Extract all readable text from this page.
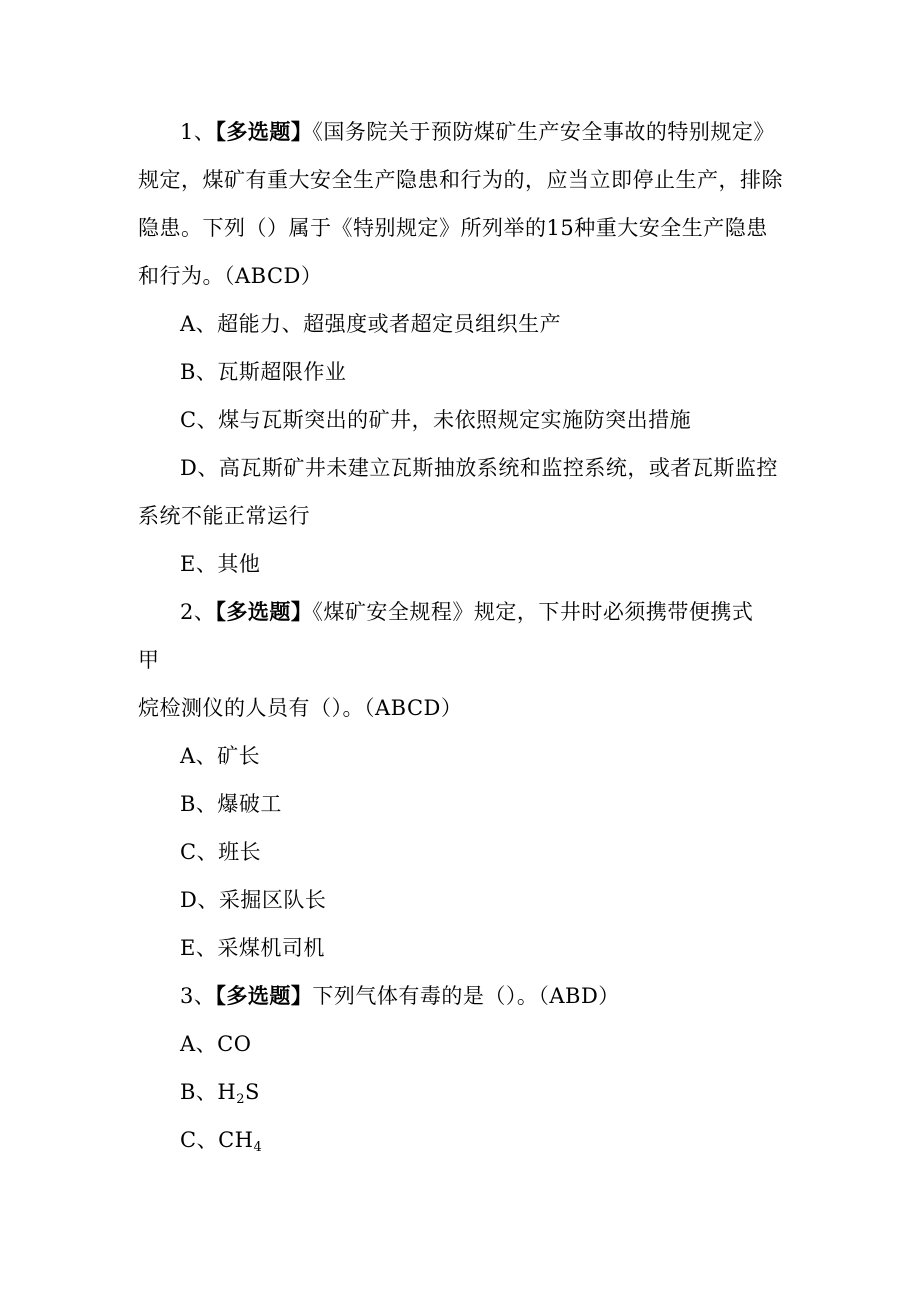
1、【多选题】《国务院关于预防煤矿生产安全事故的特别规定》
规定，煤矿有重大安全生产隐患和行为的，应当立即停止生产，排除
隐患。下列（）属于《特别规定》所列举的15种重大安全生产隐患
和行为。（ABCD）
A、超能力、超强度或者超定员组织生产
B、瓦斯超限作业
C、煤与瓦斯突出的矿井，未依照规定实施防突出措施
D、高瓦斯矿井未建立瓦斯抽放系统和监控系统，或者瓦斯监控
系统不能正常运行
E、其他
2、【多选题】《煤矿安全规程》规定，下井时必须携带便携式
甲
烷检测仪的人员有（）。（ABCD）
A、矿长
B、爆破工
C、班长
D、采掘区队长
E、采煤机司机
3、【多选题】下列气体有毒的是（）。（ABD）
A、CO
B、$H_2S$
C、$CH_4$
